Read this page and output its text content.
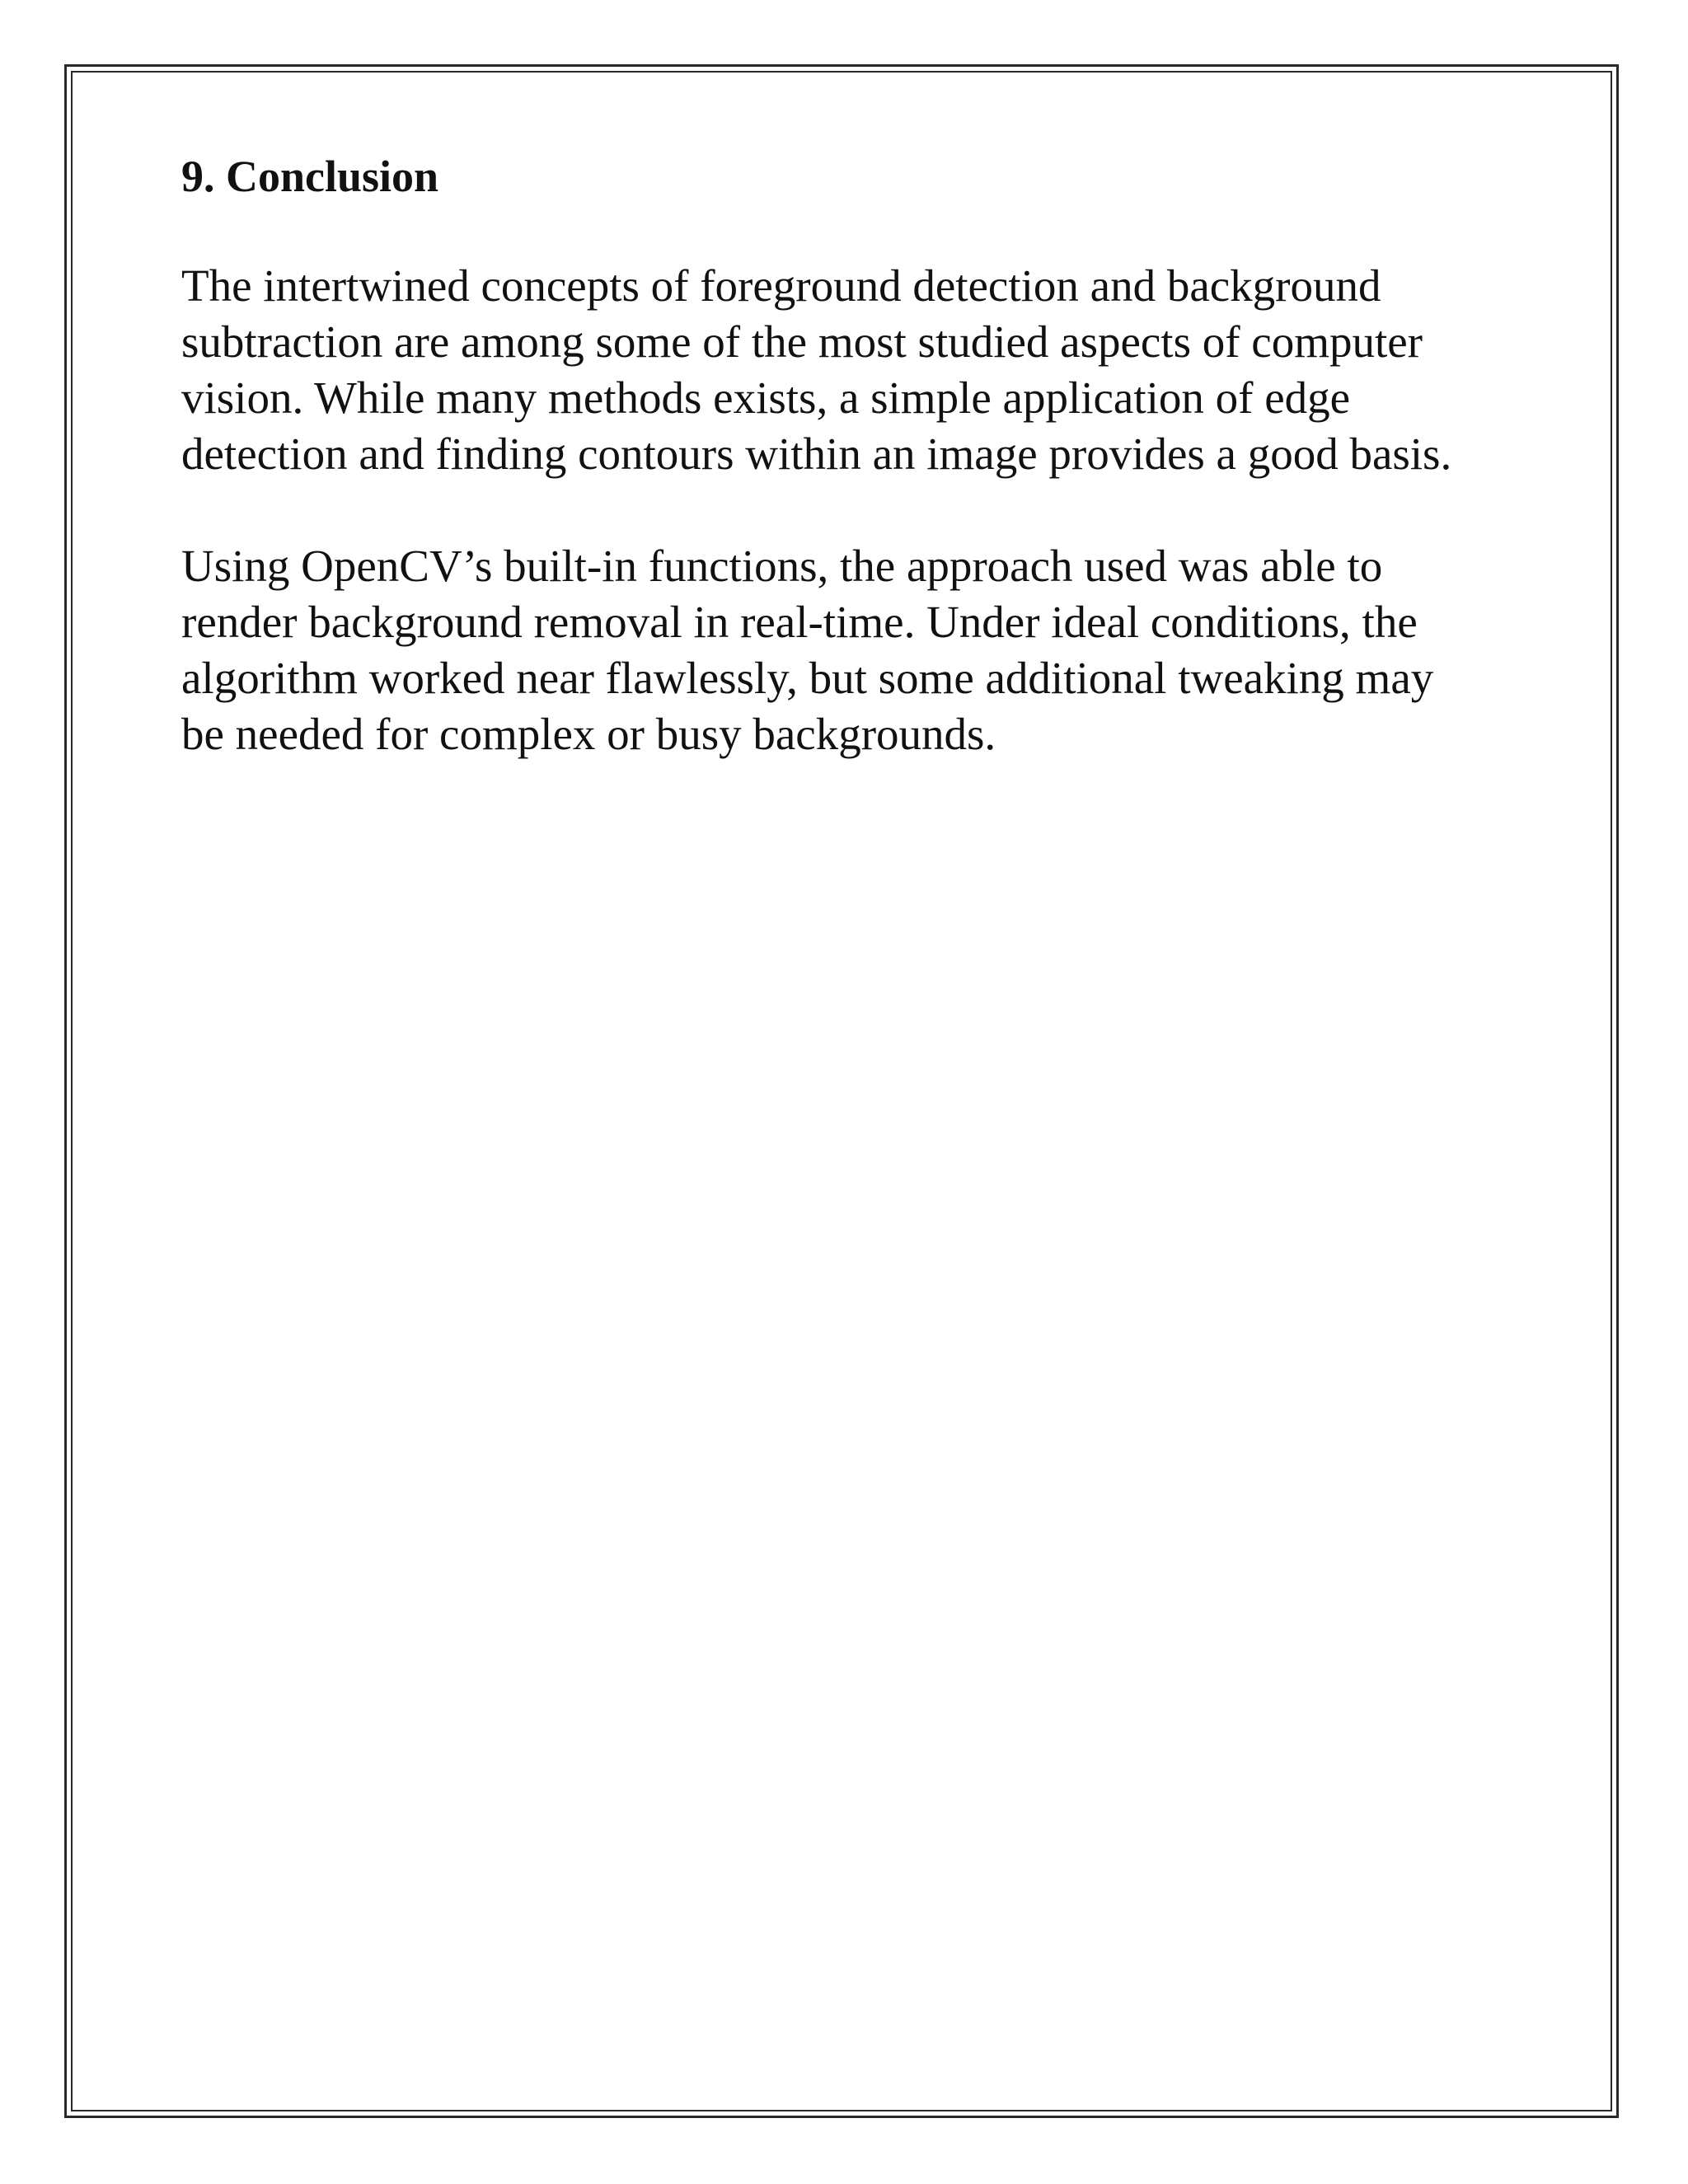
9. Conclusion

The intertwined concepts of foreground detection and background
subtraction are among some of the most studied aspects of computer
vision. While many methods exists, a simple application of edge
detection and finding contours within an image provides a good basis.

Using OpenCV’s built-in functions, the approach used was able to
render background removal in real-time. Under ideal conditions, the
algorithm worked near flawlessly, but some additional tweaking may
be needed for complex or busy backgrounds.
